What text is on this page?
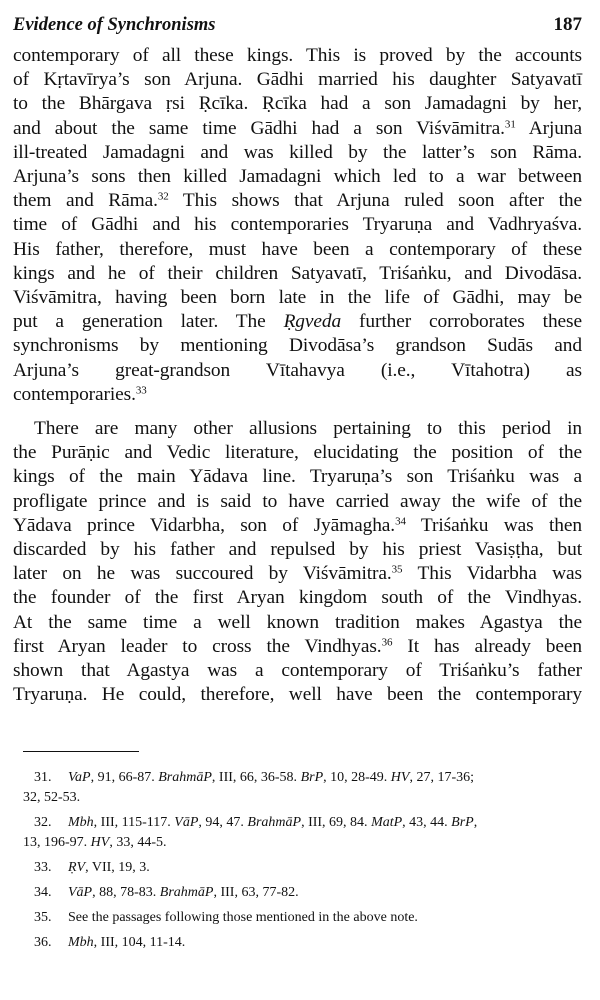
Evidence of Synchronisms	187
contemporary of all these kings. This is proved by the accounts
of Kṛtavīrya’s son Arjuna. Gādhi married his daughter Satyavatī
to the Bhārgava ṛsi Ṛcīka. Ṛcīka had a son Jamadagni by her,
and about the same time Gādhi had a son Viśvāmitra.$^{31}$ Arjuna
ill-treated Jamadagni and was killed by the latter’s son Rāma.
Arjuna’s sons then killed Jamadagni which led to a war between
them and Rāma.$^{32}$ This shows that Arjuna ruled soon after the
time of Gādhi and his contemporaries Tryaruṇa and Vadhryaśva.
His father, therefore, must have been a contemporary of these
kings and he of their children Satyavatī, Triśaṅku, and Divodāsa.
Viśvāmitra, having been born late in the life of Gādhi, may be
put a generation later. The Ṛgveda further corroborates these
synchronisms by mentioning Divodāsa’s grandson Sudās and
Arjuna’s great-grandson Vītahavya (i.e., Vītahotra) as
contemporaries.$^{33}$
There are many other allusions pertaining to this period in
the Purāṇic and Vedic literature, elucidating the position of the
kings of the main Yādava line. Tryaruṇa’s son Triśaṅku was a
profligate prince and is said to have carried away the wife of the
Yādava prince Vidarbha, son of Jyāmagha.$^{34}$ Triśaṅku was then
discarded by his father and repulsed by his priest Vasiṣṭha, but
later on he was succoured by Viśvāmitra.$^{35}$ This Vidarbha was
the founder of the first Aryan kingdom south of the Vindhyas.
At the same time a well known tradition makes Agastya the
first Aryan leader to cross the Vindhyas.$^{36}$ It has already been
shown that Agastya was a contemporary of Triśaṅku’s father
Tryaruṇa. He could, therefore, well have been the contemporary
31. VaP, 91, 66-87. BrahmāP, III, 66, 36-58. BrP, 10, 28-49. HV, 27, 17-36;
32, 52-53.
32. Mbh, III, 115-117. VāP, 94, 47. BrahmāP, III, 69, 84. MatP, 43, 44. BrP,
13, 196-97. HV, 33, 44-5.
33. ṚV, VII, 19, 3.
34. VāP, 88, 78-83. BrahmāP, III, 63, 77-82.
35. See the passages following those mentioned in the above note.
36. Mbh, III, 104, 11-14.
